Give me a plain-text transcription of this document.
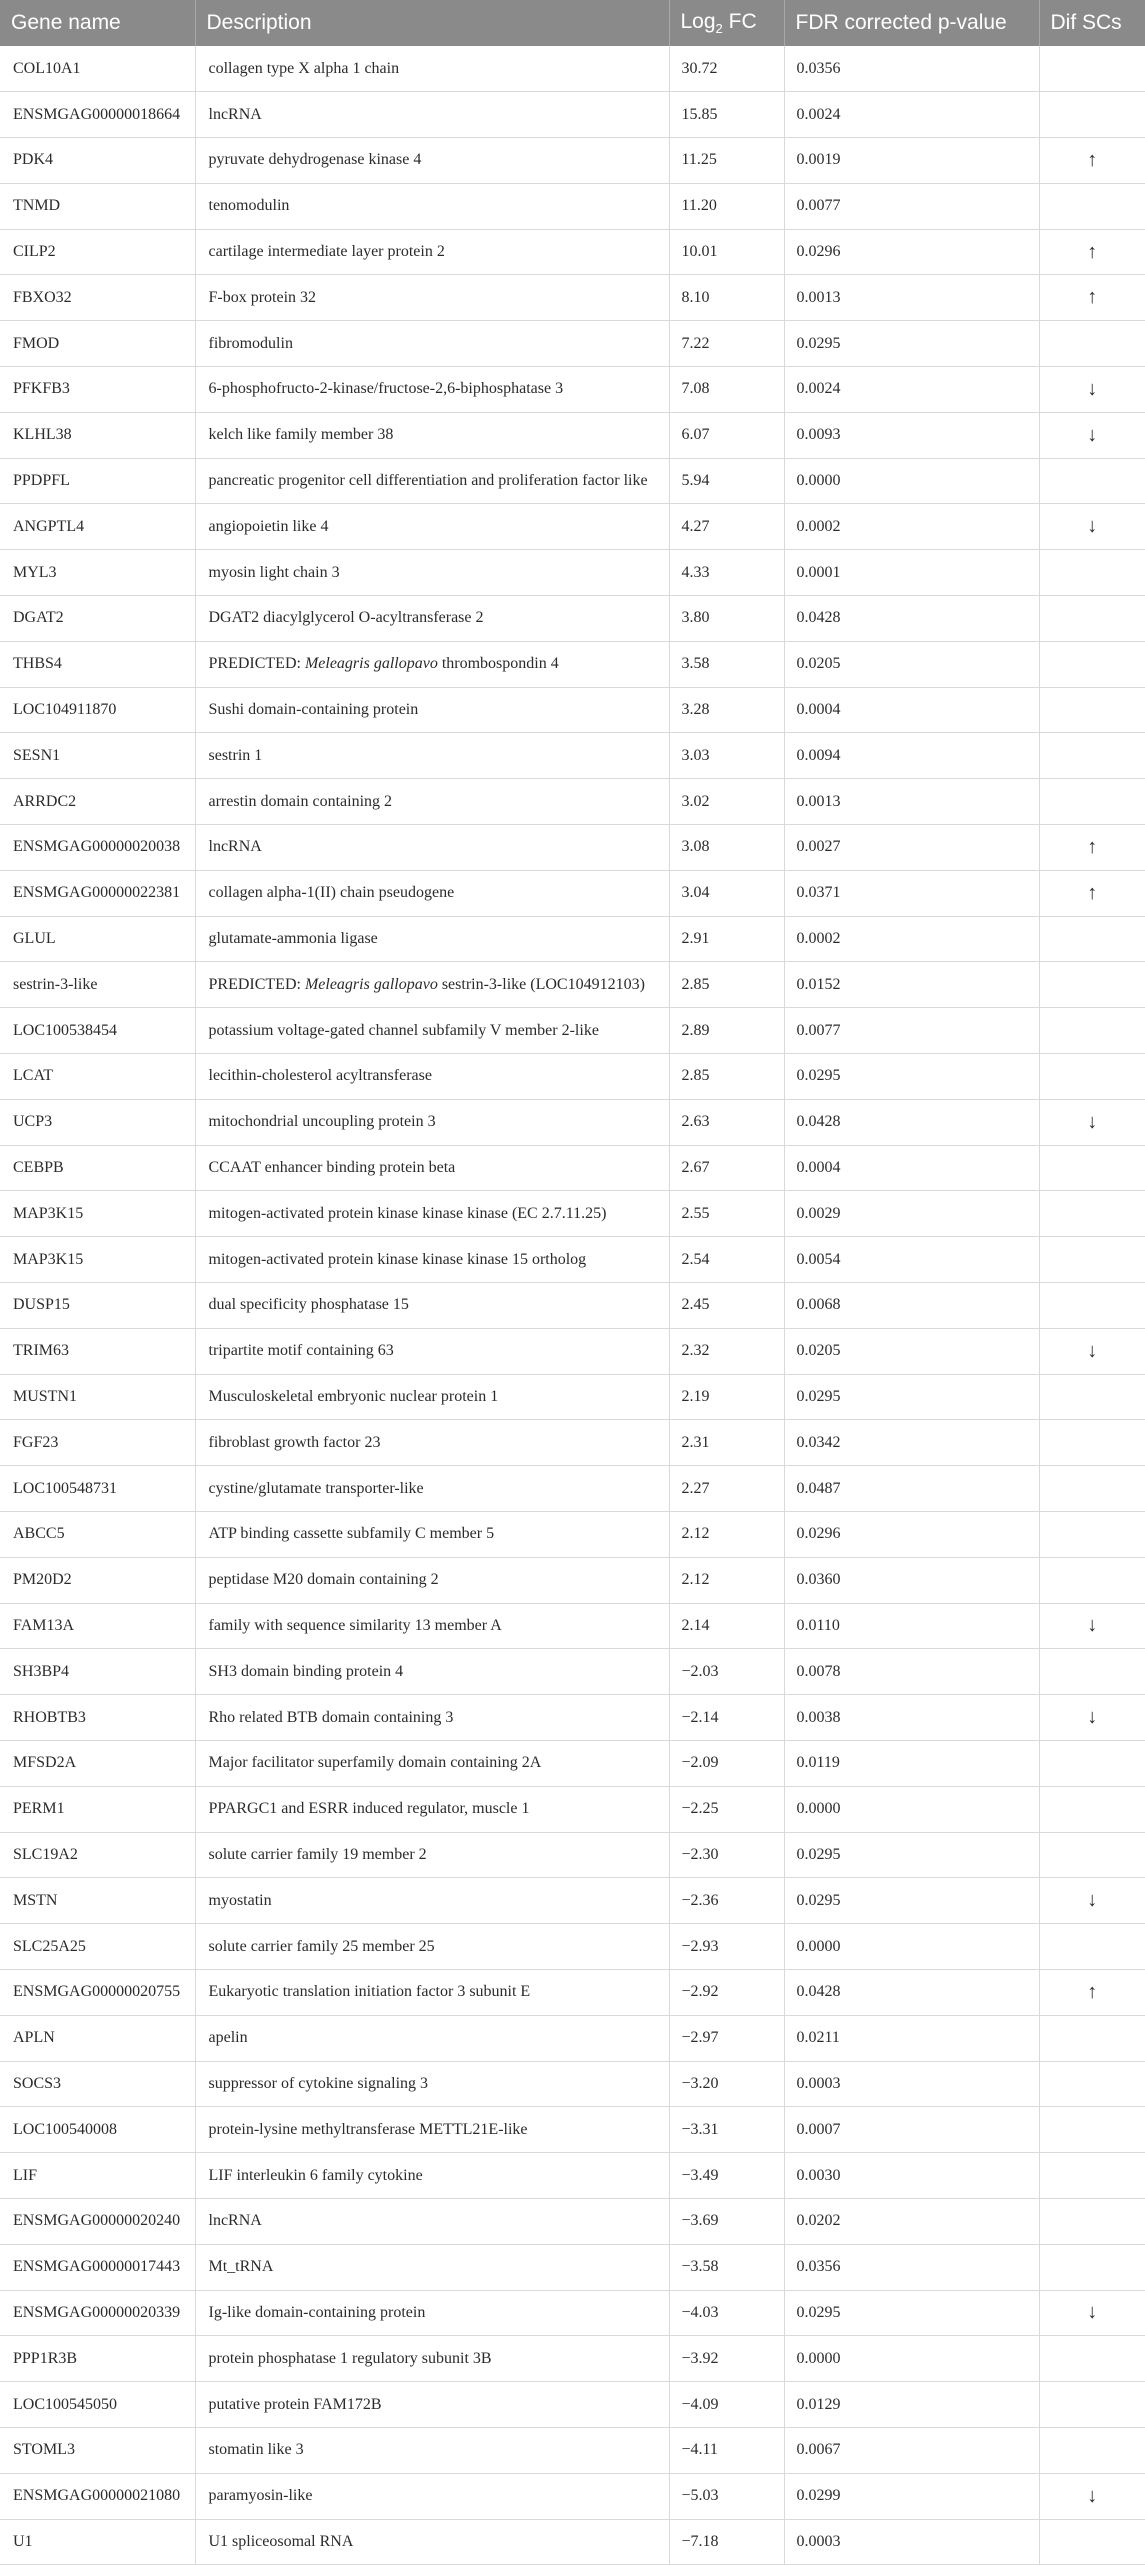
Gene name	Description	Log$_2$ FC	FDR corrected p-value	Dif SCs
COL10A1	collagen type X alpha 1 chain	30.72	0.0356	
ENSMGAG00000018664	lncRNA	15.85	0.0024	
PDK4	pyruvate dehydrogenase kinase 4	11.25	0.0019	↑
TNMD	tenomodulin	11.20	0.0077	
CILP2	cartilage intermediate layer protein 2	10.01	0.0296	↑
FBXO32	F-box protein 32	8.10	0.0013	↑
FMOD	fibromodulin	7.22	0.0295	
PFKFB3	6-phosphofructo-2-kinase/fructose-2,6-biphosphatase 3	7.08	0.0024	↓
KLHL38	kelch like family member 38	6.07	0.0093	↓
PPDPFL	pancreatic progenitor cell differentiation and proliferation factor like	5.94	0.0000	
ANGPTL4	angiopoietin like 4	4.27	0.0002	↓
MYL3	myosin light chain 3	4.33	0.0001	
DGAT2	DGAT2 diacylglycerol O-acyltransferase 2	3.80	0.0428	
THBS4	PREDICTED: Meleagris gallopavo thrombospondin 4	3.58	0.0205	
LOC104911870	Sushi domain-containing protein	3.28	0.0004	
SESN1	sestrin 1	3.03	0.0094	
ARRDC2	arrestin domain containing 2	3.02	0.0013	
ENSMGAG00000020038	lncRNA	3.08	0.0027	↑
ENSMGAG00000022381	collagen alpha-1(II) chain pseudogene	3.04	0.0371	↑
GLUL	glutamate-ammonia ligase	2.91	0.0002	
sestrin-3-like	PREDICTED: Meleagris gallopavo sestrin-3-like (LOC104912103)	2.85	0.0152	
LOC100538454	potassium voltage-gated channel subfamily V member 2-like	2.89	0.0077	
LCAT	lecithin-cholesterol acyltransferase	2.85	0.0295	
UCP3	mitochondrial uncoupling protein 3	2.63	0.0428	↓
CEBPB	CCAAT enhancer binding protein beta	2.67	0.0004	
MAP3K15	mitogen-activated protein kinase kinase kinase (EC 2.7.11.25)	2.55	0.0029	
MAP3K15	mitogen-activated protein kinase kinase kinase 15 ortholog	2.54	0.0054	
DUSP15	dual specificity phosphatase 15	2.45	0.0068	
TRIM63	tripartite motif containing 63	2.32	0.0205	↓
MUSTN1	Musculoskeletal embryonic nuclear protein 1	2.19	0.0295	
FGF23	fibroblast growth factor 23	2.31	0.0342	
LOC100548731	cystine/glutamate transporter-like	2.27	0.0487	
ABCC5	ATP binding cassette subfamily C member 5	2.12	0.0296	
PM20D2	peptidase M20 domain containing 2	2.12	0.0360	
FAM13A	family with sequence similarity 13 member A	2.14	0.0110	↓
SH3BP4	SH3 domain binding protein 4	−2.03	0.0078	
RHOBTB3	Rho related BTB domain containing 3	−2.14	0.0038	↓
MFSD2A	Major facilitator superfamily domain containing 2A	−2.09	0.0119	
PERM1	PPARGC1 and ESRR induced regulator, muscle 1	−2.25	0.0000	
SLC19A2	solute carrier family 19 member 2	−2.30	0.0295	
MSTN	myostatin	−2.36	0.0295	↓
SLC25A25	solute carrier family 25 member 25	−2.93	0.0000	
ENSMGAG00000020755	Eukaryotic translation initiation factor 3 subunit E	−2.92	0.0428	↑
APLN	apelin	−2.97	0.0211	
SOCS3	suppressor of cytokine signaling 3	−3.20	0.0003	
LOC100540008	protein-lysine methyltransferase METTL21E-like	−3.31	0.0007	
LIF	LIF interleukin 6 family cytokine	−3.49	0.0030	
ENSMGAG00000020240	lncRNA	−3.69	0.0202	
ENSMGAG00000017443	Mt_tRNA	−3.58	0.0356	
ENSMGAG00000020339	Ig-like domain-containing protein	−4.03	0.0295	↓
PPP1R3B	protein phosphatase 1 regulatory subunit 3B	−3.92	0.0000	
LOC100545050	putative protein FAM172B	−4.09	0.0129	
STOML3	stomatin like 3	−4.11	0.0067	
ENSMGAG00000021080	paramyosin-like	−5.03	0.0299	↓
U1	U1 spliceosomal RNA	−7.18	0.0003	
